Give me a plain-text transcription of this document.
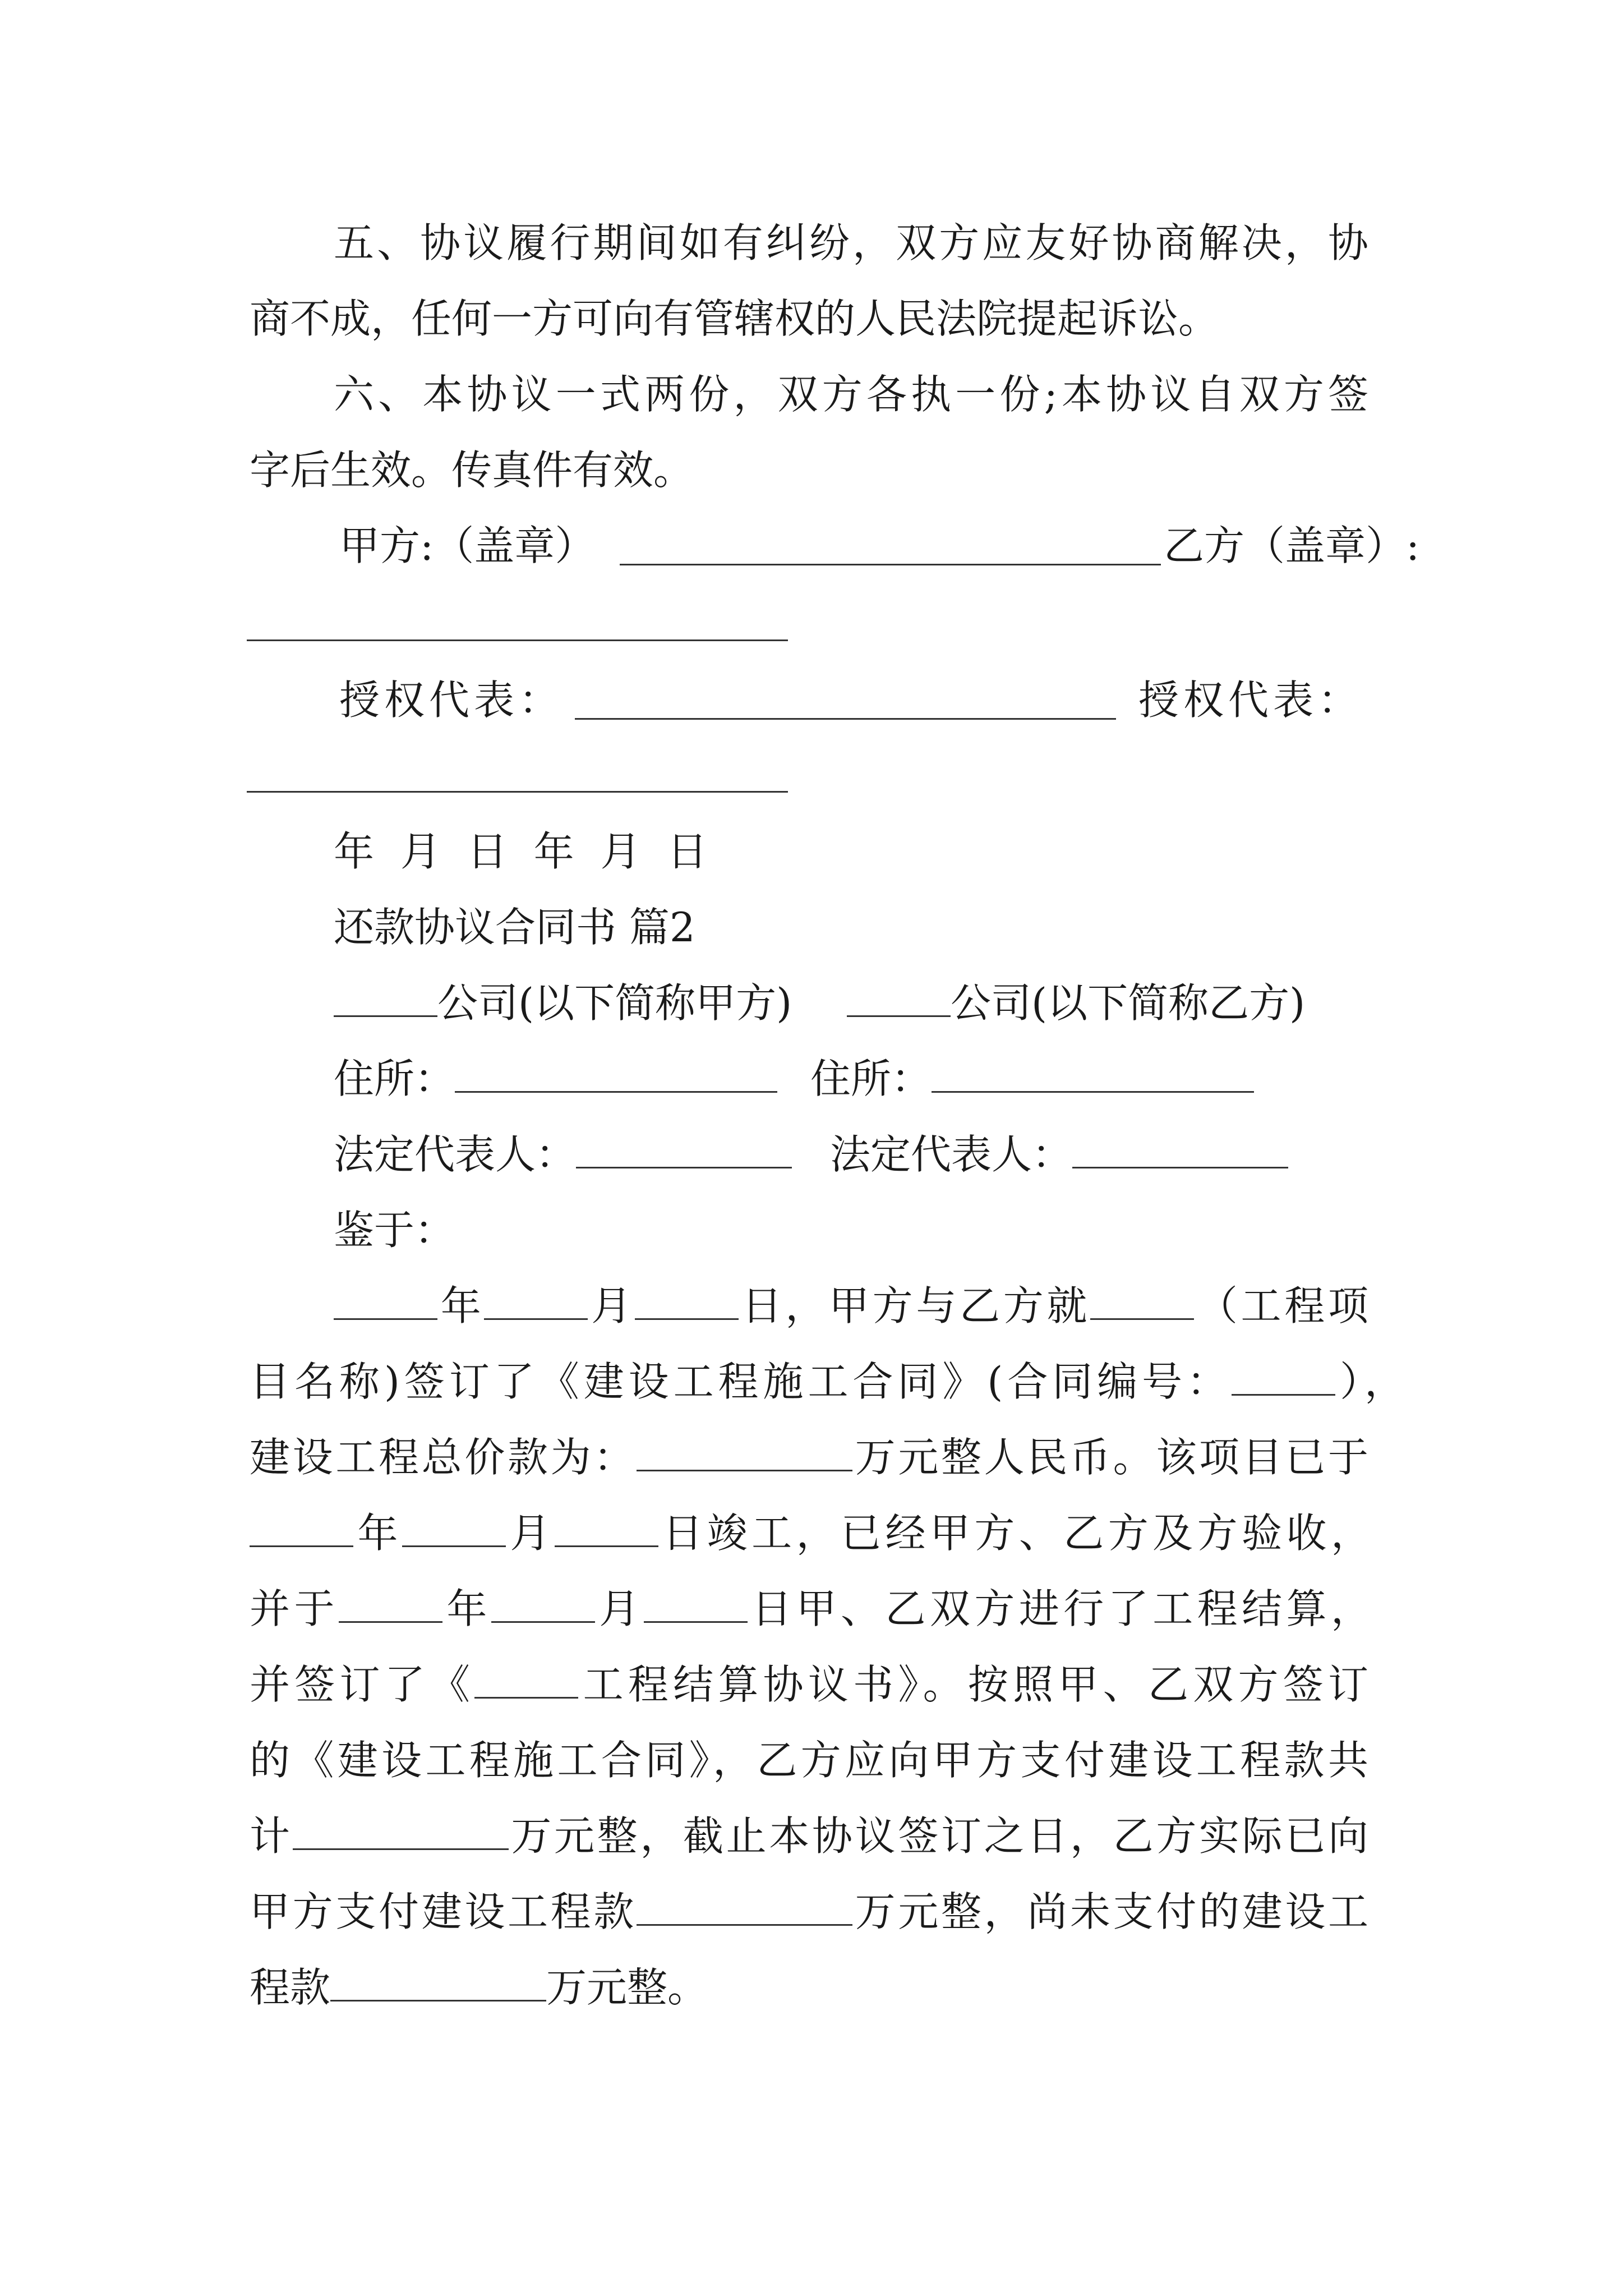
五、协议履行期间如有纠纷，双方应友好协商解决，协
商不成，任何一方可向有管辖权的人民法院提起诉讼。
六、本协议一式两份，双方各执一份;本协议自双方签
字后生效。传真件有效。
甲方:（盖章）	乙方（盖章）:
授权代表：	授权代表：
年 月 日 年 月 日
还款协议合同书 篇2
公司(以下简称甲方)	公司(以下简称乙方)
住所：	住所：
法定代表人：	法定代表人：
鉴于：
年	月	日，甲方与乙方就	（工程项
目名称)签订了《建设工程施工合同》(合同编号：	），
建设工程总价款为：	万元整人民币。该项目已于
年	月	日竣工，已经甲方、乙方及方验收，
并于	年	月	日甲、乙双方进行了工程结算，
并签订了《	工程结算协议书》。按照甲、乙双方签订
的《建设工程施工合同》，乙方应向甲方支付建设工程款共
计	万元整，截止本协议签订之日，乙方实际已向
甲方支付建设工程款	万元整，尚未支付的建设工
程款	万元整。
